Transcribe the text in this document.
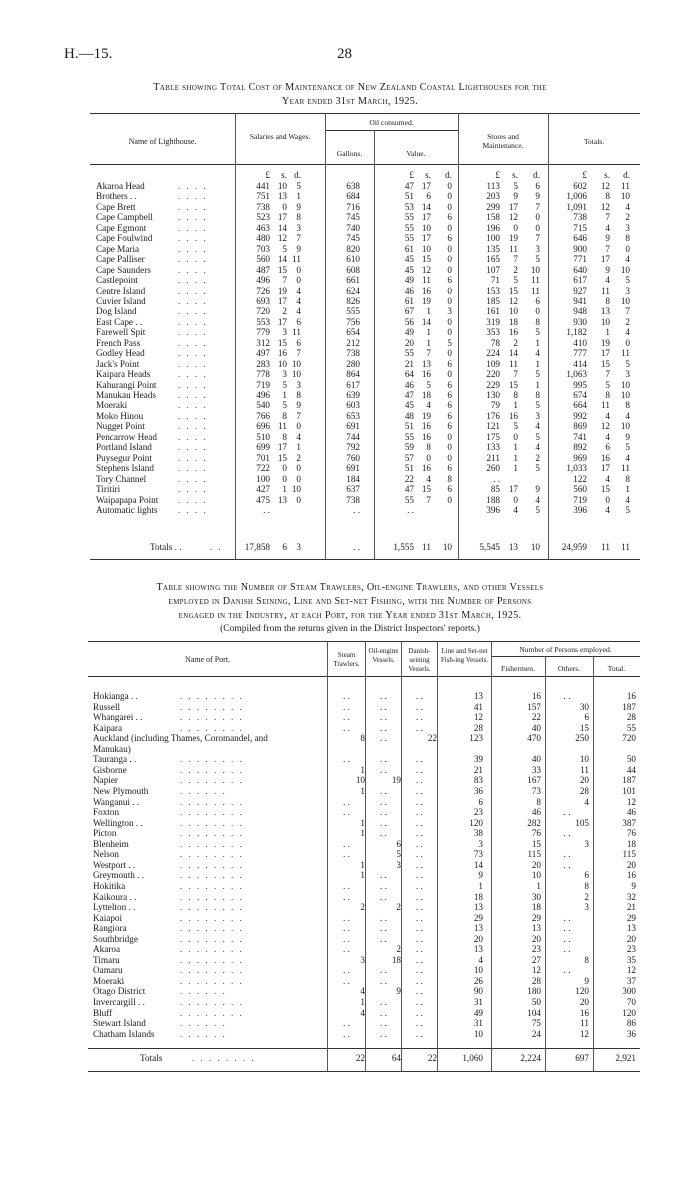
H.—15.	28
Table showing Total Cost of Maintenance of New Zealand Coastal Lighthouses for the
Year ended 31st March, 1925.
Name of Lighthouse.
Salaries and Wages.
Oil consumed.
Gallons.	Value.
Stores and Maintenance.	Totals.
£	s. d.	£	s.	d.	£	s.	d.	£	s.	d.
Akaroa Head	. . . .	441 10	5	638	47 17	0	113	5	6	602	12	11
Brothers . .	. . . .	751 13	1	684	51	6	0	203	9	9	1,006	8	10
Cape Brett	. . . .	738	0	9	716	53 14	0	299 17	7	1,091	12	4
Cape Campbell	. . . .	523 17	8	745	55 17	6	158 12	0	738	7	2
Cape Egmont	. . . .	463 14	3	740	55 10	0	196	0	0	715	4	3
Cape Foulwind	. . . .	480 12	7	745	55 17	6	100 19	7	646	9	8
Cape Maria	. . . .	703	5	9	820	61 10	0	135 11	3	900	7	0
Cape Palliser	. . . .	560 14 11	610	45 15	0	165	7	5	771	17	4
Cape Saunders	. . . .	487 15	0	608	45 12	0	107	2	10	640	9	10
Castlepoint	. . . .	496	7	0	661	49 11	6	71	5	11	617	4	5
Centre Island	. . . .	726 19	4	624	46 16	0	153 15	11	927	11	3
Cuvier Island	. . . .	693 17	4	826	61 19	0	185 12	6	941	8	10
Dog Island	. . . .	720	2	4	555	67	1	3	161 10	0	948	13	7
East Cape . .	. . . .	553 17	6	756	56 14	0	319 18	8	930	10	2
Farewell Spit	. . . .	779	3 11	654	49	1	0	353 16	5	1,182	1	4
French Pass	. . . .	312 15	6	212	20	1	5	78	2	1	410	19	0
Godley Head	. . . .	497 16	7	738	55	7	0	224 14	4	777	17	11
Jack's Point	. . . .	283 10 10	280	21 13	6	109 11	1	414	15	5
Kaipara Heads	. . . .	778	3 10	864	64 16	0	220	7	5	1,063	7	3
Kahurangi Point . . . .	719	5	3	617	46	5	6	229 15	1	995	5	10
Manukau Heads . . . .	496	1	8	639	47 18	6	130	8	8	674	8	10
Moeraki	. . . .	540	5	9	603	45	4	6	79	1	5	664	11	8
Moko Hinou	. . . .	766	8	7	653	48 19	6	176 16	3	992	4	4
Nugget Point	. . . .	696 11	0	691	51 16	6	121	5	4	869	12	10
Pencarrow Head . . . .	510	8	4	744	55 16	0	175	0	5	741	4	9
Portland Island	. . . .	699 17	1	792	59	8	0	133	1	4	892	6	5
Puysegur Point	. . . .	701 15	2	760	57	0	0	211	1	2	969	16	4
Stephens Island	. . . .	722	0	0	691	51 16	6	260	1	5	1,033	17	11
Tory Channel	. . . .	100	0	0	184	22	4	8	. .	122	4	8
Tiritiri	. . . .	427	1 10	637	47 15	6	85 17	9	560	15	1
Waipapapa Point . . . .	475 13	0	738	55	7	0	188	0	4	719	0	4
Automatic lights . . . .	. .	. .	. .	396	4	5	396	4	5
Totals . .	. . 17,858	6	3	. .	1,555 11	10	5,545 13	10	24,959	11	11
Table showing the Number of Steam Trawlers, Oil-engine Trawlers, and other Vessels
employed in Danish Seining, Line and Set-net Fishing, with the Number of Persons
engaged in the Industry, at each Port, for the Year ended 31st March, 1925.
(Compiled from the returns given in the District Inspectors' reports.)
Name of Port.	Steam Trawlers.
Oil-engine Vessels.
Danish-seining Vessels.
Line and Set-net Fish-ing Vessels.
Number of Persons employed.
Fishermen.	Others.	Total.
Hokianga . .	. . . . . . . .	. .	. .	. .	13	16	. .	16
Russell	. . . . . . . .	. .	. .	. .	41	157	30	187
Whangarei . .	. . . . . . . .	. .	. .	. .	12	22	6	28
Kaipara	. . . . . . . .	. .	. .	. .	28	40	15	55
Auckland (including Thames, Coromandel, and	8	. .	22	123	470	250	720
Manukau)
Tauranga . .	. . . . . . . .	. .	. .	. .	39	40	10	50
Gisborne	. . . . . . . .	1	. .	. .	21	33	11	44
Napier	. . . . . . . .	10	19	. .	83	167	20	187
New Plymouth	. . . . . .	1	. .	. .	36	73	28	101
Wanganui . .	. . . . . . . .	. .	. .	. .	6	8	4	12
Foxton	. . . . . . . .	. .	. .	. .	23	46	. .	46
Wellington . .	. . . . . . . .	1	. .	. .	120	282	105	387
Picton	. . . . . . . .	1	. .	. .	38	76	. .	76
Blenheim	. . . . . . . .	. .	6	. .	3	15	3	18
Nelson	. . . . . . . .	. .	5	. .	73	115	. .	115
Westport . .	. . . . . . . .	1	3	. .	14	20	. .	20
Greymouth . .	. . . . . . . .	1	. .	. .	9	10	6	16
Hokitika	. . . . . . . .	. .	. .	. .	1	1	8	9
Kaikoura . .	. . . . . . . .	. .	. .	. .	18	30	2	32
Lyttelton . .	. . . . . . . .	2	2	. .	13	18	3	21
Kaiapoi	. . . . . . . .	. .	. .	. .	29	29	. .	29
Rangiora	. . . . . . . .	. .	. .	. .	13	13	. .	13
Southbridge	. . . . . . . .	. .	. .	. .	20	20	. .	20
Akaroa	. . . . . . . .	. .	2	. .	13	23	. .	23
Timaru	. . . . . . . .	3	18	. .	4	27	8	35
Oamaru	. . . . . . . .	. .	. .	. .	10	12	. .	12
Moeraki	. . . . . . . .	. .	. .	. .	26	28	9	37
Otago District	. . . . . .	4	9	. .	90	180	120	300
Invercargill . .	. . . . . . . .	1	. .	. .	31	50	20	70
Bluff	. . . . . . . .	4	. .	. .	49	104	16	120
Stewart Island	. . . . . .	. .	. .	. .	31	75	11	86
Chatham Islands	. . . . . .	. .	. .	. .	10	24	12	36
Totals	. . . . . . . .	22	64	22	1,060	2,224	697	2,921
